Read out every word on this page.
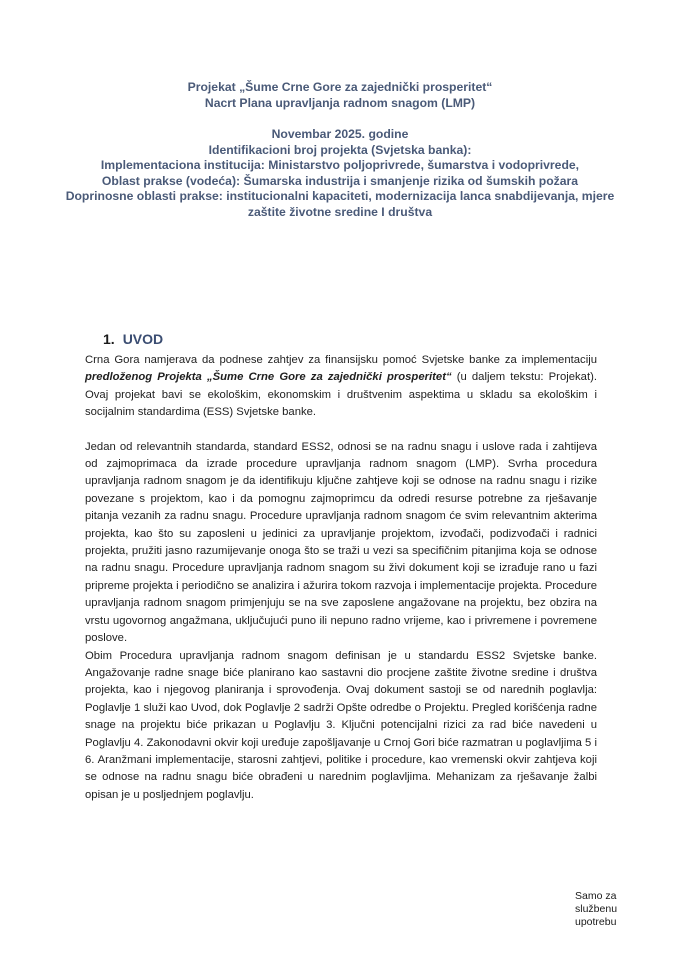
Projekat „Šume Crne Gore za zajednički prosperitet“

Nacrt Plana upravljanja radnom snagom (LMP)

Novembar 2025. godine

Identifikacioni broj projekta (Svjetska banka):

Implementaciona institucija: Ministarstvo poljoprivrede, šumarstva i vodoprivrede,

Oblast prakse (vodeća): Šumarska industrija i smanjenje rizika od šumskih požara

Doprinosne oblasti prakse: institucionalni kapaciteti, modernizacija lanca snabdijevanja, mjere

zaštite životne sredine I društva

1. UVOD

Crna Gora namjerava da podnese zahtjev za finansijsku pomoć Svjetske banke za implementaciju predloženog Projekta „Šume Crne Gore za zajednički prosperitet“ (u daljem tekstu: Projekat). Ovaj projekat bavi se ekološkim, ekonomskim i društvenim aspektima u skladu sa ekološkim i socijalnim standardima (ESS) Svjetske banke.

Jedan od relevantnih standarda, standard ESS2, odnosi se na radnu snagu i uslove rada i zahtijeva od zajmoprimaca da izrade procedure upravljanja radnom snagom (LMP). Svrha procedura upravljanja radnom snagom je da identifikuju ključne zahtjeve koji se odnose na radnu snagu i rizike povezane s projektom, kao i da pomognu zajmoprimcu da odredi resurse potrebne za rješavanje pitanja vezanih za radnu snagu. Procedure upravljanja radnom snagom će svim relevantnim akterima projekta, kao što su zaposleni u jedinici za upravljanje projektom, izvođači, podizvođači i radnici projekta, pružiti jasno razumijevanje onoga što se traži u vezi sa specifičnim pitanjima koja se odnose na radnu snagu. Procedure upravljanja radnom snagom su živi dokument koji se izrađuje rano u fazi pripreme projekta i periodično se analizira i ažurira tokom razvoja i implementacije projekta. Procedure upravljanja radnom snagom primjenjuju se na sve zaposlene angažovane na projektu, bez obzira na vrstu ugovornog angažmana, uključujući puno ili nepuno radno vrijeme, kao i privremene i povremene poslove.

Obim Procedura upravljanja radnom snagom definisan je u standardu ESS2 Svjetske banke. Angažovanje radne snage biće planirano kao sastavni dio procjene zaštite životne sredine i društva projekta, kao i njegovog planiranja i sprovođenja. Ovaj dokument sastoji se od narednih poglavlja: Poglavlje 1 služi kao Uvod, dok Poglavlje 2 sadrži Opšte odredbe o Projektu. Pregled korišćenja radne snage na projektu biće prikazan u Poglavlju 3. Ključni potencijalni rizici za rad biće navedeni u Poglavlju 4. Zakonodavni okvir koji uređuje zapošljavanje u Crnoj Gori biće razmatran u poglavljima 5 i 6. Aranžmani implementacije, starosni zahtjevi, politike i procedure, kao vremenski okvir zahtjeva koji se odnose na radnu snagu biće obrađeni u narednim poglavljima. Mehanizam za rješavanje žalbi opisan je u posljednjem poglavlju.

Samo za
službenu
upotrebu
